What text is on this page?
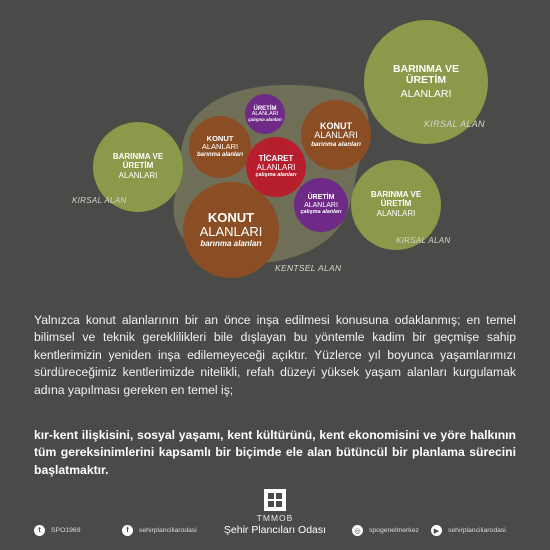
BARINMA VE ÜRETİM
ALANLARI
KIRSAL ALAN
BARINMA VE ÜRETİM
ALANLARI
KIRSAL ALAN
BARINMA VE ÜRETİM
ALANLARI
KIRSAL ALAN
ÜRETİM
ALANLARI
çalışma alanları
KONUT
ALANLARI
barınma alanları
KONUT
ALANLARI
barınma alanları
TİCARET
ALANLARI
çalışma alanları
ÜRETİM
ALANLARI
çalışma alanları
KONUT
ALANLARI
barınma alanları
KENTSEL ALAN
Yalnızca konut alanlarının bir an önce inşa edilmesi konusuna odaklanmış; en temel bilimsel ve teknik gereklilikleri bile dışlayan bu yöntemle kadim bir geçmişe sahip kentlerimizin yeniden inşa edilemeyeceği açıktır. Yüzlerce yıl boyunca yaşamlarımızı sürdüreceğimiz kentlerimizde nitelikli, refah düzeyi yüksek yaşam alanları kurgulamak adına yapılması gereken en temel iş;
kır-kent ilişkisini, sosyal yaşamı, kent kültürünü, kent ekonomisini ve yöre halkının tüm gereksinimlerini kapsamlı bir biçimde ele alan bütüncül bir planlama sürecini başlatmaktır.
TMMOB
Şehir Plancıları Odası
t	SPO1969	f	sehirplanciliarodasi	◎	spogenelmerkez	▶	sehirplanciliarodasi
